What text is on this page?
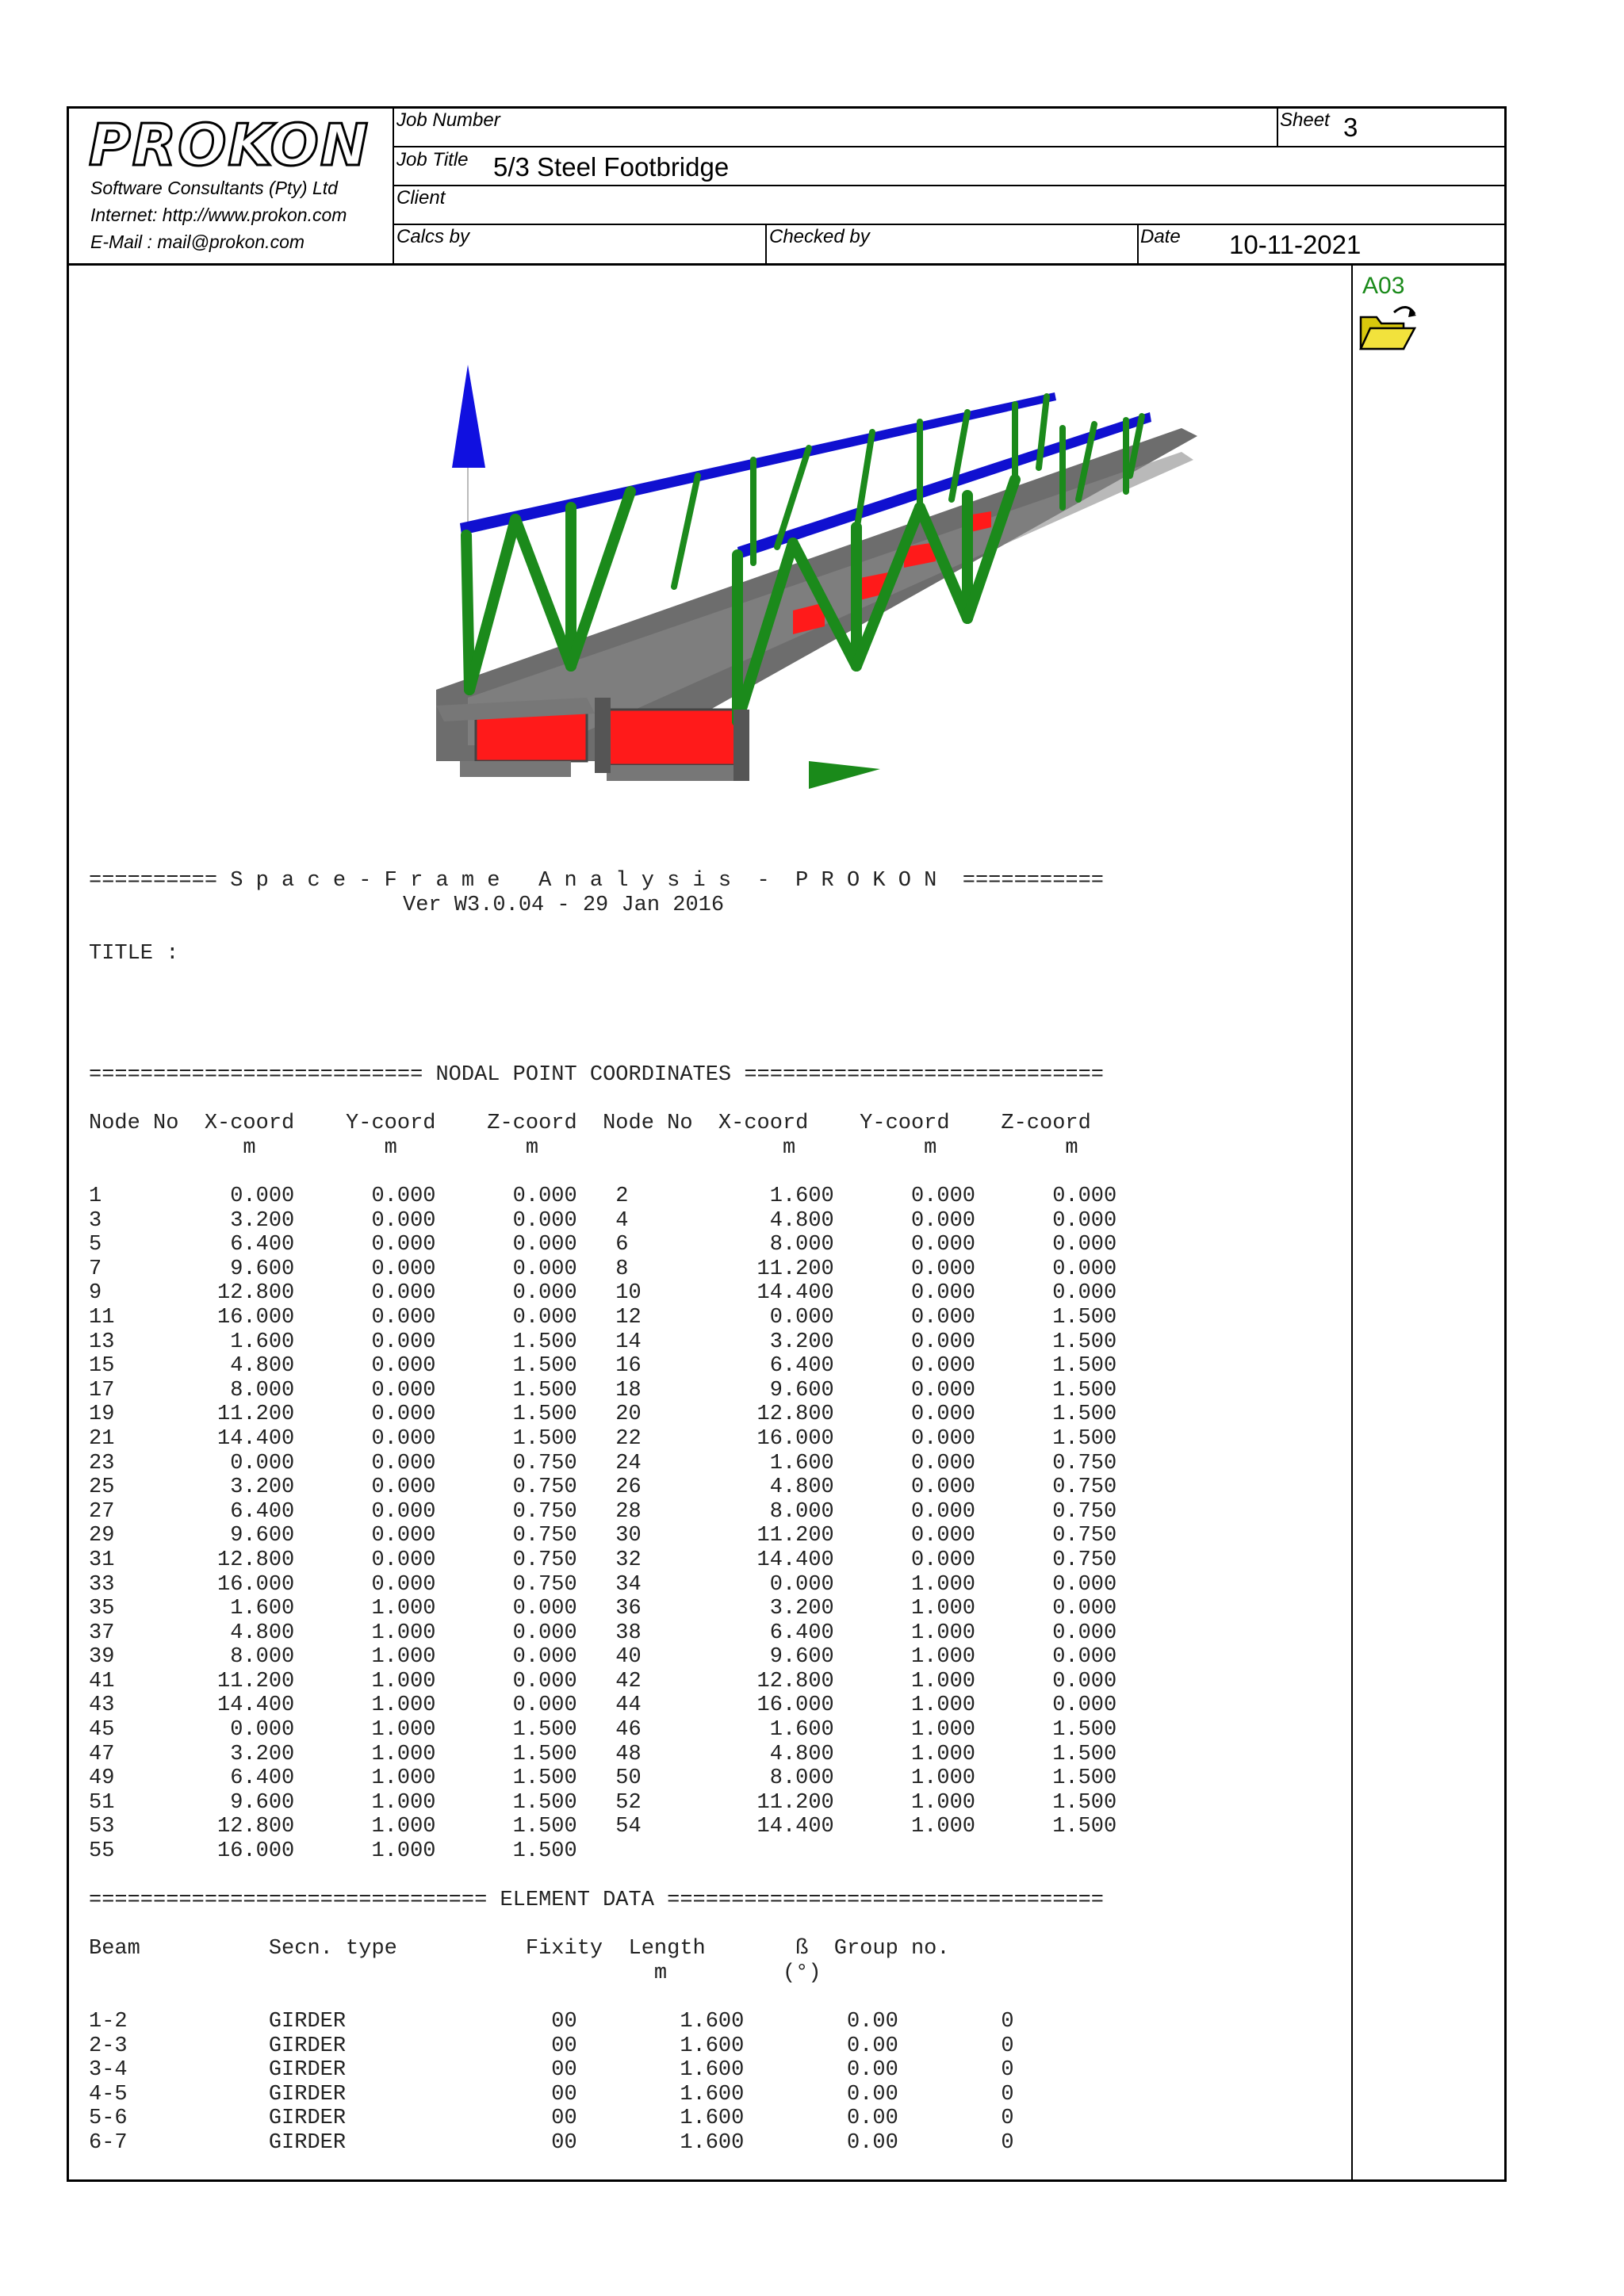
PROKON
Software Consultants (Pty) Ltd
Internet: http://www.prokon.com
E-Mail : mail@prokon.com
Job Number	Sheet 3
Job Title 5/3 Steel Footbridge
Client
Calcs by	Checked by	Date 10-11-2021
A03
========== S p a c e - F r a m e   A n a l y s i s  -  P R O K O N  ===========
Ver W3.0.04 - 29 Jan 2016
TITLE :
========================== NODAL POINT COORDINATES ============================
Node No  X-coord    Y-coord    Z-coord  Node No  X-coord    Y-coord    Z-coord
m          m          m                   m          m          m
1          0.000      0.000      0.000   2           1.600      0.000      0.000
3          3.200      0.000      0.000   4           4.800      0.000      0.000
5          6.400      0.000      0.000   6           8.000      0.000      0.000
7          9.600      0.000      0.000   8          11.200      0.000      0.000
9         12.800      0.000      0.000   10         14.400      0.000      0.000
11        16.000      0.000      0.000   12          0.000      0.000      1.500
13         1.600      0.000      1.500   14          3.200      0.000      1.500
15         4.800      0.000      1.500   16          6.400      0.000      1.500
17         8.000      0.000      1.500   18          9.600      0.000      1.500
19        11.200      0.000      1.500   20         12.800      0.000      1.500
21        14.400      0.000      1.500   22         16.000      0.000      1.500
23         0.000      0.000      0.750   24          1.600      0.000      0.750
25         3.200      0.000      0.750   26          4.800      0.000      0.750
27         6.400      0.000      0.750   28          8.000      0.000      0.750
29         9.600      0.000      0.750   30         11.200      0.000      0.750
31        12.800      0.000      0.750   32         14.400      0.000      0.750
33        16.000      0.000      0.750   34          0.000      1.000      0.000
35         1.600      1.000      0.000   36          3.200      1.000      0.000
37         4.800      1.000      0.000   38          6.400      1.000      0.000
39         8.000      1.000      0.000   40          9.600      1.000      0.000
41        11.200      1.000      0.000   42         12.800      1.000      0.000
43        14.400      1.000      0.000   44         16.000      1.000      0.000
45         0.000      1.000      1.500   46          1.600      1.000      1.500
47         3.200      1.000      1.500   48          4.800      1.000      1.500
49         6.400      1.000      1.500   50          8.000      1.000      1.500
51         9.600      1.000      1.500   52         11.200      1.000      1.500
53        12.800      1.000      1.500   54         14.400      1.000      1.500
55        16.000      1.000      1.500
=============================== ELEMENT DATA ==================================
Beam          Secn. type          Fixity  Length       ß  Group no.
m         (°)
1-2           GIRDER                00        1.600        0.00        0
2-3           GIRDER                00        1.600        0.00        0
3-4           GIRDER                00        1.600        0.00        0
4-5           GIRDER                00        1.600        0.00        0
5-6           GIRDER                00        1.600        0.00        0
6-7           GIRDER                00        1.600        0.00        0
